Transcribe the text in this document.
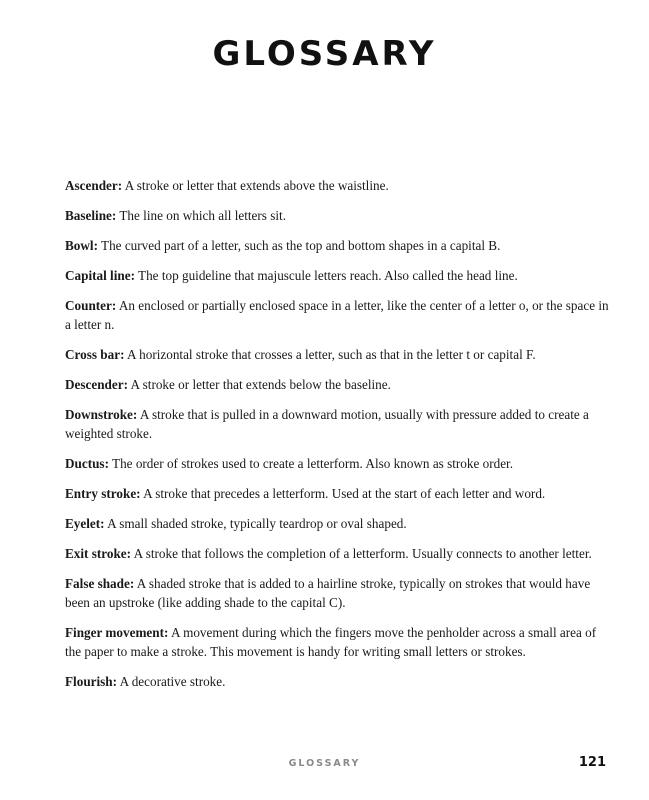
GLOSSARY

Ascender: A stroke or letter that extends above the waistline.

Baseline: The line on which all letters sit.

Bowl: The curved part of a letter, such as the top and bottom shapes in a capital B.

Capital line: The top guideline that majuscule letters reach. Also called the head line.

Counter: An enclosed or partially enclosed space in a letter, like the center of a letter o, or the space in a letter n.

Cross bar: A horizontal stroke that crosses a letter, such as that in the letter t or capital F.

Descender: A stroke or letter that extends below the baseline.

Downstroke: A stroke that is pulled in a downward motion, usually with pressure added to create a weighted stroke.

Ductus: The order of strokes used to create a letterform. Also known as stroke order.

Entry stroke: A stroke that precedes a letterform. Used at the start of each letter and word.

Eyelet: A small shaded stroke, typically teardrop or oval shaped.

Exit stroke: A stroke that follows the completion of a letterform. Usually connects to another letter.

False shade: A shaded stroke that is added to a hairline stroke, typically on strokes that would have been an upstroke (like adding shade to the capital C).

Finger movement: A movement during which the fingers move the penholder across a small area of the paper to make a stroke. This movement is handy for writing small letters or strokes.

Flourish: A decorative stroke.

GLOSSARY	121
